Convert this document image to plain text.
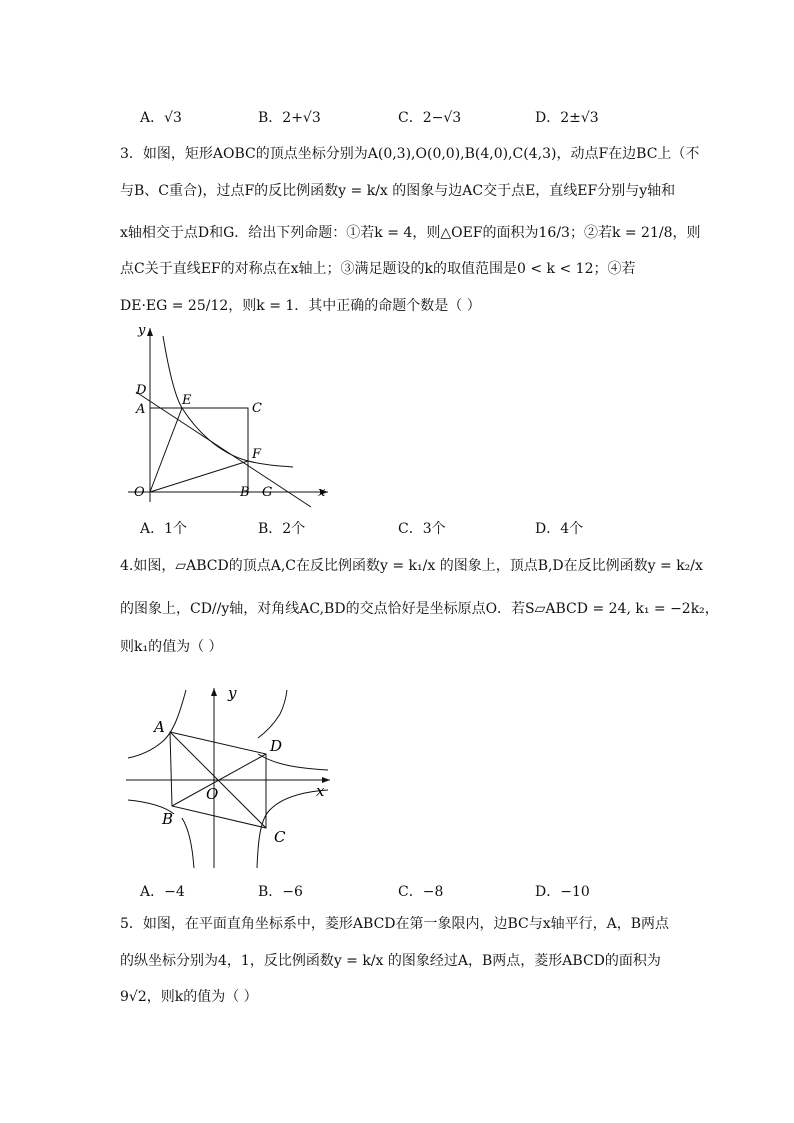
A．√3	B．2+√3	C．2−√3	D．2±√3
3．如图，矩形AOBC的顶点坐标分别为A(0,3),O(0,0),B(4,0),C(4,3)，动点F在边BC上（不
与B、C重合)，过点F的反比例函数y = k/x 的图象与边AC交于点E，直线EF分别与y轴和
x轴相交于点D和G．给出下列命题：①若k = 4，则△OEF的面积为16/3；②若k = 21/8，则
点C关于直线EF的对称点在x轴上；③满足题设的k的取值范围是0 < k < 12；④若
DE·EG = 25/12，则k = 1．其中正确的命题个数是（ ）
y
D
A
E
C
F
O	B G	x
A．1个	B．2个	C．3个	D．4个
4.如图，▱ABCD的顶点A,C在反比例函数y = k₁/x 的图象上，顶点B,D在反比例函数y = k₂/x
的图象上，CD//y轴，对角线AC,BD的交点恰好是坐标原点O．若S▱ABCD = 24, k₁ = −2k₂，
则k₁的值为（ ）
y
A
D
O	x
B
C
A．−4	B．−6	C．−8	D．−10
5．如图，在平面直角坐标系中，菱形ABCD在第一象限内，边BC与x轴平行，A，B两点
的纵坐标分别为4，1，反比例函数y = k/x 的图象经过A，B两点，菱形ABCD的面积为
9√2，则k的值为（ ）
